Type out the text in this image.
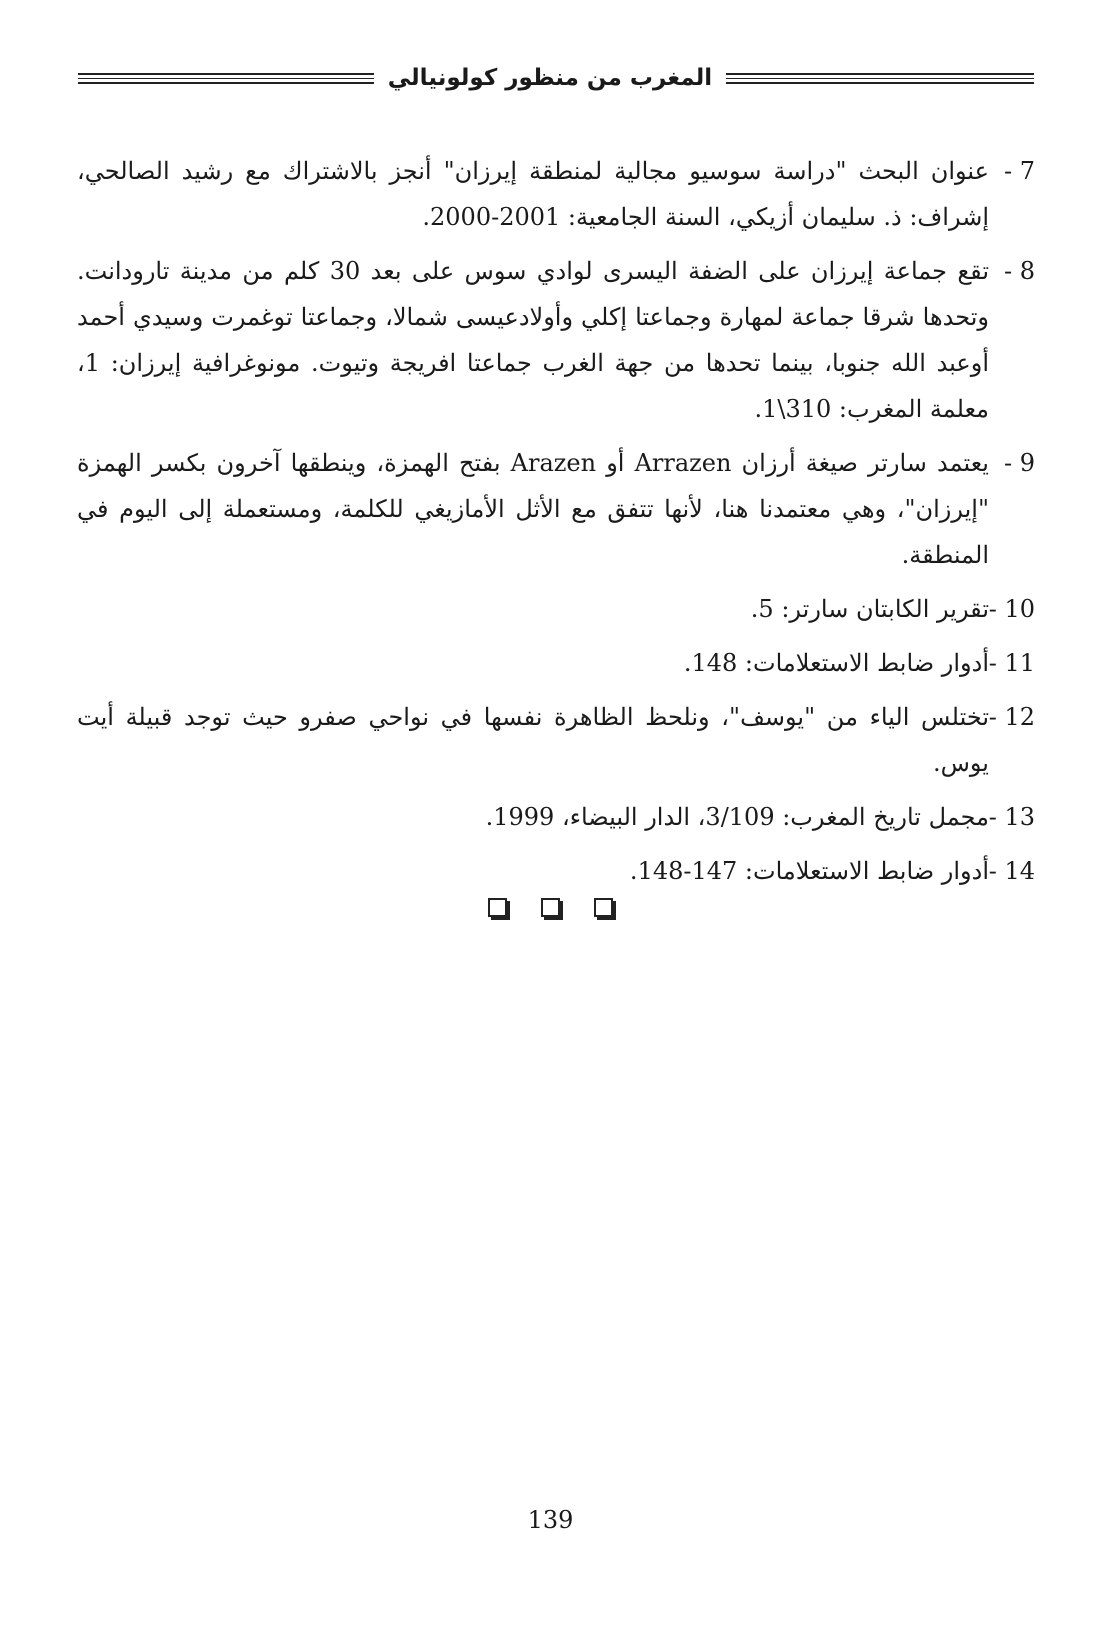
المغرب من منظور كولونيالي
7 -
عنوان البحث "دراسة سوسيو مجالية لمنطقة إيرزان" أنجز بالاشتراك مع رشيد الصالحي، إشراف: ذ. سليمان أزيكي، السنة الجامعية: 2001-2000.
8 -
تقع جماعة إيرزان على الضفة اليسرى لوادي سوس على بعد 30 كلم من مدينة تارودانت. وتحدها شرقا جماعة لمهارة وجماعتا إكلي وأولادعيسى شمالا، وجماعتا توغمرت وسيدي أحمد أوعبد الله جنوبا، بينما تحدها من جهة الغرب جماعتا افريجة وتيوت. مونوغرافية إيرزان: 1، معلمة المغرب: 310\1.
9 -
يعتمد سارتر صيغة أرزان Arrazen أو Arazen بفتح الهمزة، وينطقها آخرون بكسر الهمزة "إيرزان"، وهي معتمدنا هنا، لأنها تتفق مع الأثل الأمازيغي للكلمة، ومستعملة إلى اليوم في المنطقة.
10 -
تقرير الكابتان سارتر: 5.
11 -
أدوار ضابط الاستعلامات: 148.
12 -
تختلس الياء من "يوسف"، ونلحظ الظاهرة نفسها في نواحي صفرو حيث توجد قبيلة أيت يوس.
13 -
مجمل تاريخ المغرب: 3/109، الدار البيضاء، 1999.
14 -
أدوار ضابط الاستعلامات: 147-148.
139
